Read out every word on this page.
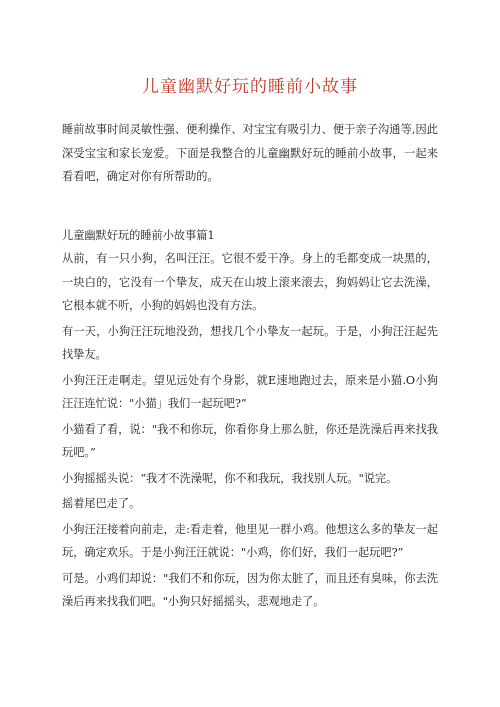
儿童幽默好玩的睡前小故事

睡前故事时间灵敏性强、便利操作、对宝宝有吸引力、便于亲子沟通等,因此深受宝宝和家长宠爱。下面是我整合的儿童幽默好玩的睡前小故事，一起来看看吧，确定对你有所帮助的。

儿童幽默好玩的睡前小故事篇1

从前，有一只小狗，名叫汪汪。它很不爱干净。身上的毛都变成一块黑的，一块白的，它没有一个挚友，成天在山坡上滚来滚去，狗妈妈让它去洗澡，它根本就不听，小狗的妈妈也没有方法。

有一天，小狗汪汪玩地没劲，想找几个小挚友一起玩。于是，小狗汪汪起先找挚友。

小狗汪汪走啊走。望见远处有个身影，就E速地跑过去，原来是小猫.O小狗汪汪连忙说："小猫」我们一起玩吧?”

小猫看了看，说："我不和你玩，你看你身上那么脏，你还是洗澡后再来找我玩吧。”

小狗摇摇头说：“我才不洗澡呢，你不和我玩，我找别人玩。"说完。

摇着尾巴走了。

小狗汪汪接着向前走，走:看走着，他里见一群小鸡。他想这么多的挚友一起玩，确定欢乐。于是小狗汪汪就说："小鸡，你们好，我们一起玩吧?”

可是。小鸡们却说："我们不和你玩，因为你太脏了，而且还有臭味，你去洗澡后再来找我们吧。"小狗只好摇摇头，悲观地走了。
